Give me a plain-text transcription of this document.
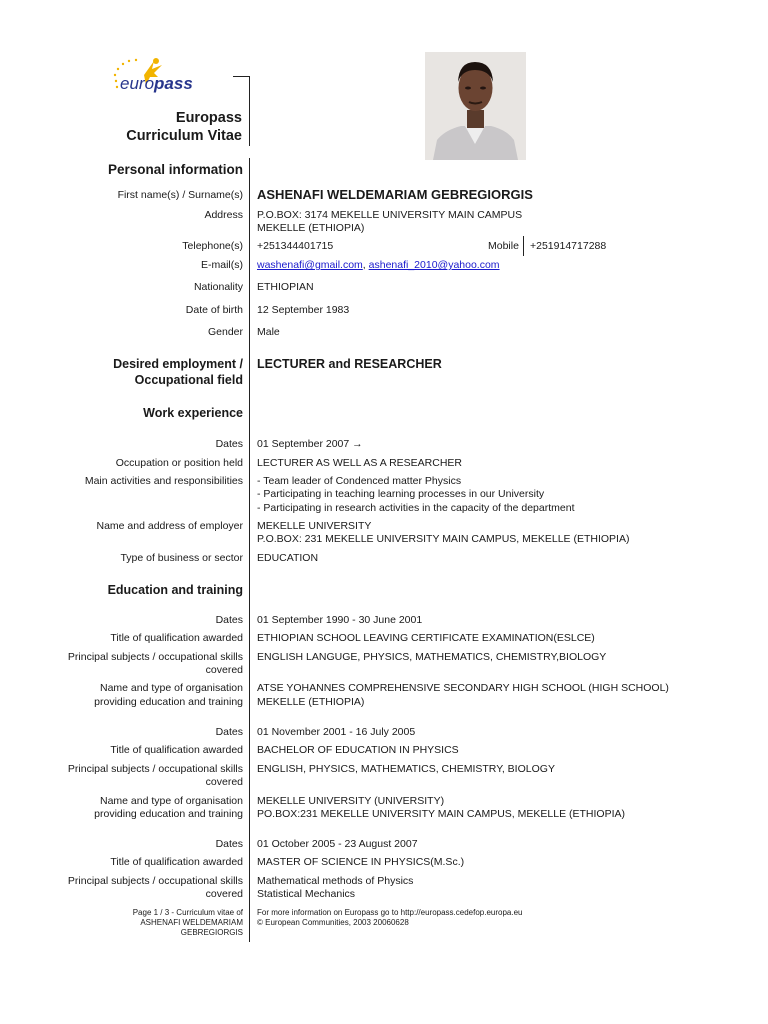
europass
Europass
Curriculum Vitae
Personal information
First name(s) / Surname(s) ASHENAFI WELDEMARIAM GEBREGIORGIS
Address P.O.BOX: 3174 MEKELLE UNIVERSITY MAIN CAMPUS
MEKELLE (ETHIOPIA)
Telephone(s) +251344401715	Mobile +251914717288
E-mail(s) washenafi@gmail.com, ashenafi_2010@yahoo.com
Nationality ETHIOPIAN
Date of birth 12 September 1983
Gender Male
Desired employment /
Occupational field
LECTURER and RESEARCHER
Work experience
Dates 01 September 2007 →
Occupation or position held LECTURER AS WELL AS A RESEARCHER
Main activities and responsibilities - Team leader of Condenced matter Physics
- Participating in teaching learning processes in our University
- Participating in research activities in the capacity of the department
Name and address of employer MEKELLE UNIVERSITY
P.O.BOX: 231 MEKELLE UNIVERSITY MAIN CAMPUS, MEKELLE (ETHIOPIA)
Type of business or sector EDUCATION
Education and training
Dates 01 September 1990 - 30 June 2001
Title of qualification awarded ETHIOPIAN SCHOOL LEAVING CERTIFICATE EXAMINATION(ESLCE)
Principal subjects / occupational skills
covered
ENGLISH LANGUGE, PHYSICS, MATHEMATICS, CHEMISTRY,BIOLOGY
Name and type of organisation
providing education and training
ATSE YOHANNES COMPREHENSIVE SECONDARY HIGH SCHOOL (HIGH SCHOOL)
MEKELLE (ETHIOPIA)
Dates 01 November 2001 - 16 July 2005
Title of qualification awarded BACHELOR OF EDUCATION IN PHYSICS
Principal subjects / occupational skills
covered
ENGLISH, PHYSICS, MATHEMATICS, CHEMISTRY, BIOLOGY
Name and type of organisation
providing education and training
MEKELLE UNIVERSITY (UNIVERSITY)
PO.BOX:231 MEKELLE UNIVERSITY MAIN CAMPUS, MEKELLE (ETHIOPIA)
Dates 01 October 2005 - 23 August 2007
Title of qualification awarded MASTER OF SCIENCE IN PHYSICS(M.Sc.)
Principal subjects / occupational skills
covered
Mathematical methods of Physics
Statistical Mechanics
Page 1 / 3 - Curriculum vitae of
ASHENAFI WELDEMARIAM
GEBREGIORGIS
For more information on Europass go to http://europass.cedefop.europa.eu
© European Communities, 2003 20060628
